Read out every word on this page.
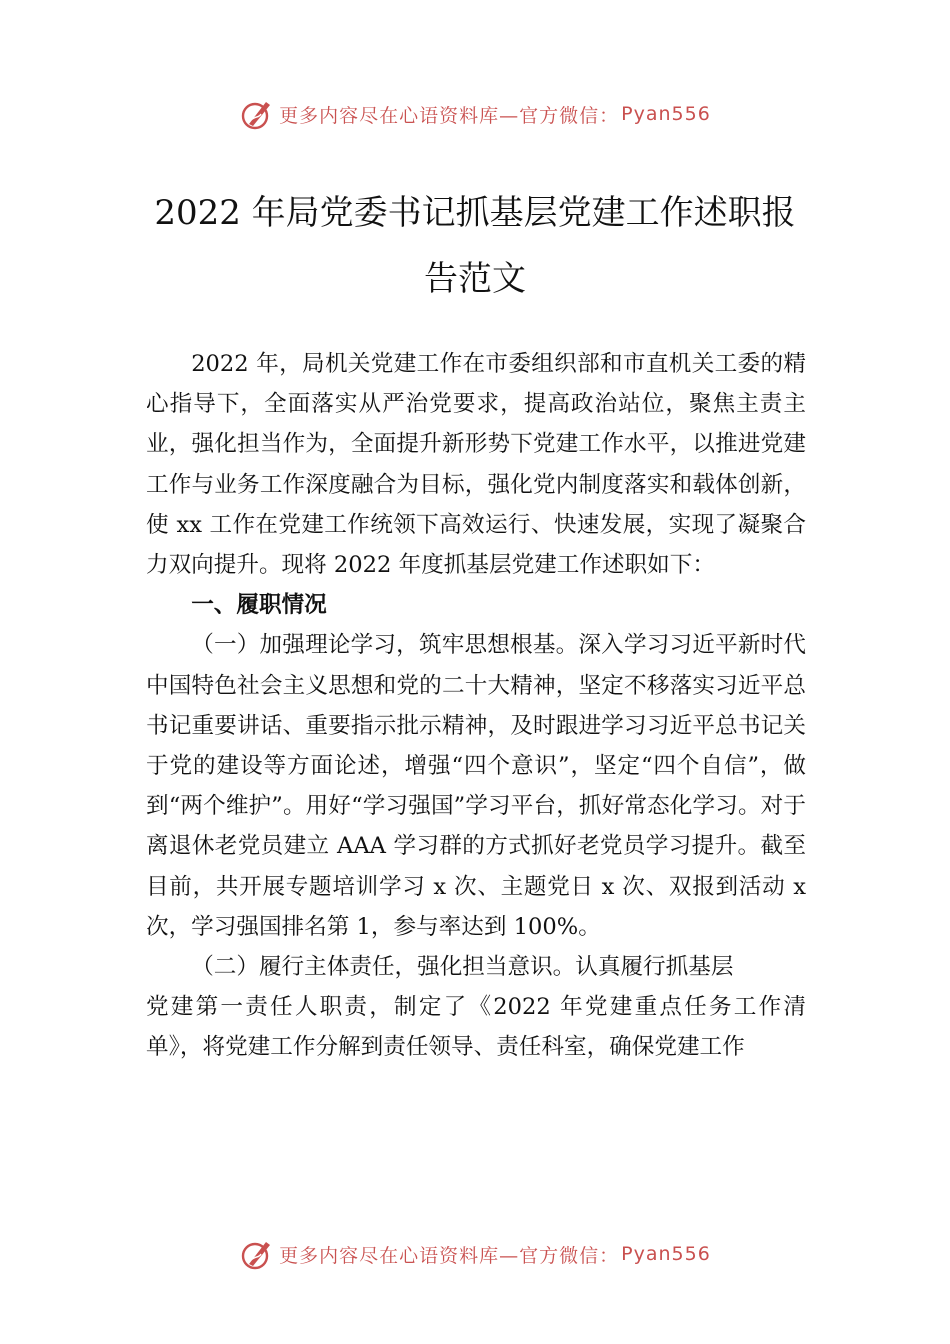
更多内容尽在心语资料库—官方微信： Pyan556
2022 年局党委书记抓基层党建工作述职报
告范文

2022 年，局机关党建工作在市委组织部和市直机关工委的精心指导下，全面落实从严治党要求，提高政治站位，聚焦主责主业，强化担当作为，全面提升新形势下党建工作水平，以推进党建工作与业务工作深度融合为目标，强化党内制度落实和载体创新，使 xx 工作在党建工作统领下高效运行、快速发展，实现了凝聚合力双向提升。现将 2022 年度抓基层党建工作述职如下：

一、履职情况

（一）加强理论学习，筑牢思想根基。深入学习习近平新时代中国特色社会主义思想和党的二十大精神，坚定不移落实习近平总书记重要讲话、重要指示批示精神，及时跟进学习习近平总书记关于党的建设等方面论述，增强“四个意识”，坚定“四个自信”，做到“两个维护”。用好“学习强国”学习平台，抓好常态化学习。对于离退休老党员建立 AAA 学习群的方式抓好老党员学习提升。截至目前，共开展专题培训学习 x 次、主题党日 x 次、双报到活动 x 次，学习强国排名第 1，参与率达到 100%。

（二）履行主体责任，强化担当意识。认真履行抓基层

党建第一责任人职责，制定了《2022 年党建重点任务工作清单》，将党建工作分解到责任领导、责任科室，确保党建工作

更多内容尽在心语资料库—官方微信： Pyan556
